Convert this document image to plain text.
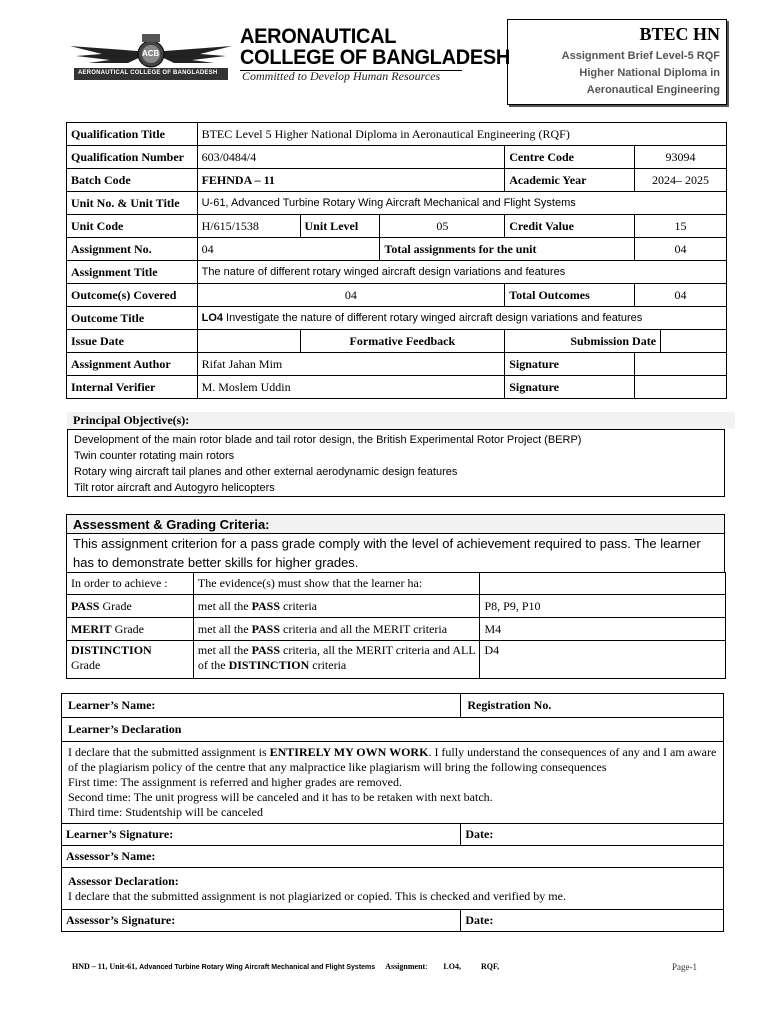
ACB
AERONAUTICAL COLLEGE OF BANGLADESH
AERONAUTICAL
COLLEGE OF BANGLADESH
Committed to Develop Human Resources
BTEC HN
Assignment Brief Level-5 RQF
Higher National Diploma in
Aeronautical Engineering
Qualification Title	BTEC Level 5 Higher National Diploma in Aeronautical Engineering (RQF)					
Qualification Number	603/0484/4			Centre Code	93094	
Batch Code	FEHNDA – 11			Academic Year	2024– 2025	
Unit No. & Unit Title	U-61, Advanced Turbine Rotary Wing Aircraft Mechanical and Flight Systems					
Unit Code	H/615/1538	Unit Level	05	Credit Value	15	
Assignment No.	04		Total assignments for the unit		04	
Assignment Title	The nature of different rotary winged aircraft design variations and features					
Outcome(s) Covered	04			Total Outcomes	04	
Outcome Title	LO4 Investigate the nature of different rotary winged aircraft design variations and features					
Issue Date		Formative Feedback		Submission Date		
Assignment Author	Rifat Jahan Mim			Signature		
Internal Verifier	M. Moslem Uddin			Signature		
Principal Objective(s):
Development of the main rotor blade and tail rotor design, the British Experimental Rotor Project (BERP)
Twin counter rotating main rotors
Rotary wing aircraft tail planes and other external aerodynamic design features
Tilt rotor aircraft and Autogyro helicopters
Assessment & Grading Criteria:
This assignment criterion for a pass grade comply with the level of achievement required to pass. The learner has to demonstrate better skills for higher grades.
In order to achieve :	The evidence(s) must show that the learner ha:	
PASS Grade	met all the PASS criteria	P8, P9, P10
MERIT Grade	met all the PASS criteria and all the MERIT criteria	M4
DISTINCTION
Grade	met all the PASS criteria, all the MERIT criteria and ALL of the DISTINCTION criteria	D4
Learner’s Name:	Registration No.
Learner’s Declaration	
I declare that the submitted assignment is ENTIRELY MY OWN WORK. I fully understand the consequences of any and I am aware of the plagiarism policy of the centre that any malpractice like plagiarism will bring the following consequences
First time: The assignment is referred and higher grades are removed.
Second time: The unit progress will be canceled and it has to be retaken with next batch.
Third time: Studentship will be canceled	
Learner’s Signature:	Date:
Assessor’s Name:	
Assessor Declaration:
I declare that the submitted assignment is not plagiarized or copied. This is checked and verified by me.	
Assessor’s Signature:	Date:
HND – 11, Unit-61, Advanced Turbine Rotary Wing Aircraft Mechanical and Flight Systems Assignment: LO4,	RQF,	Page-1
